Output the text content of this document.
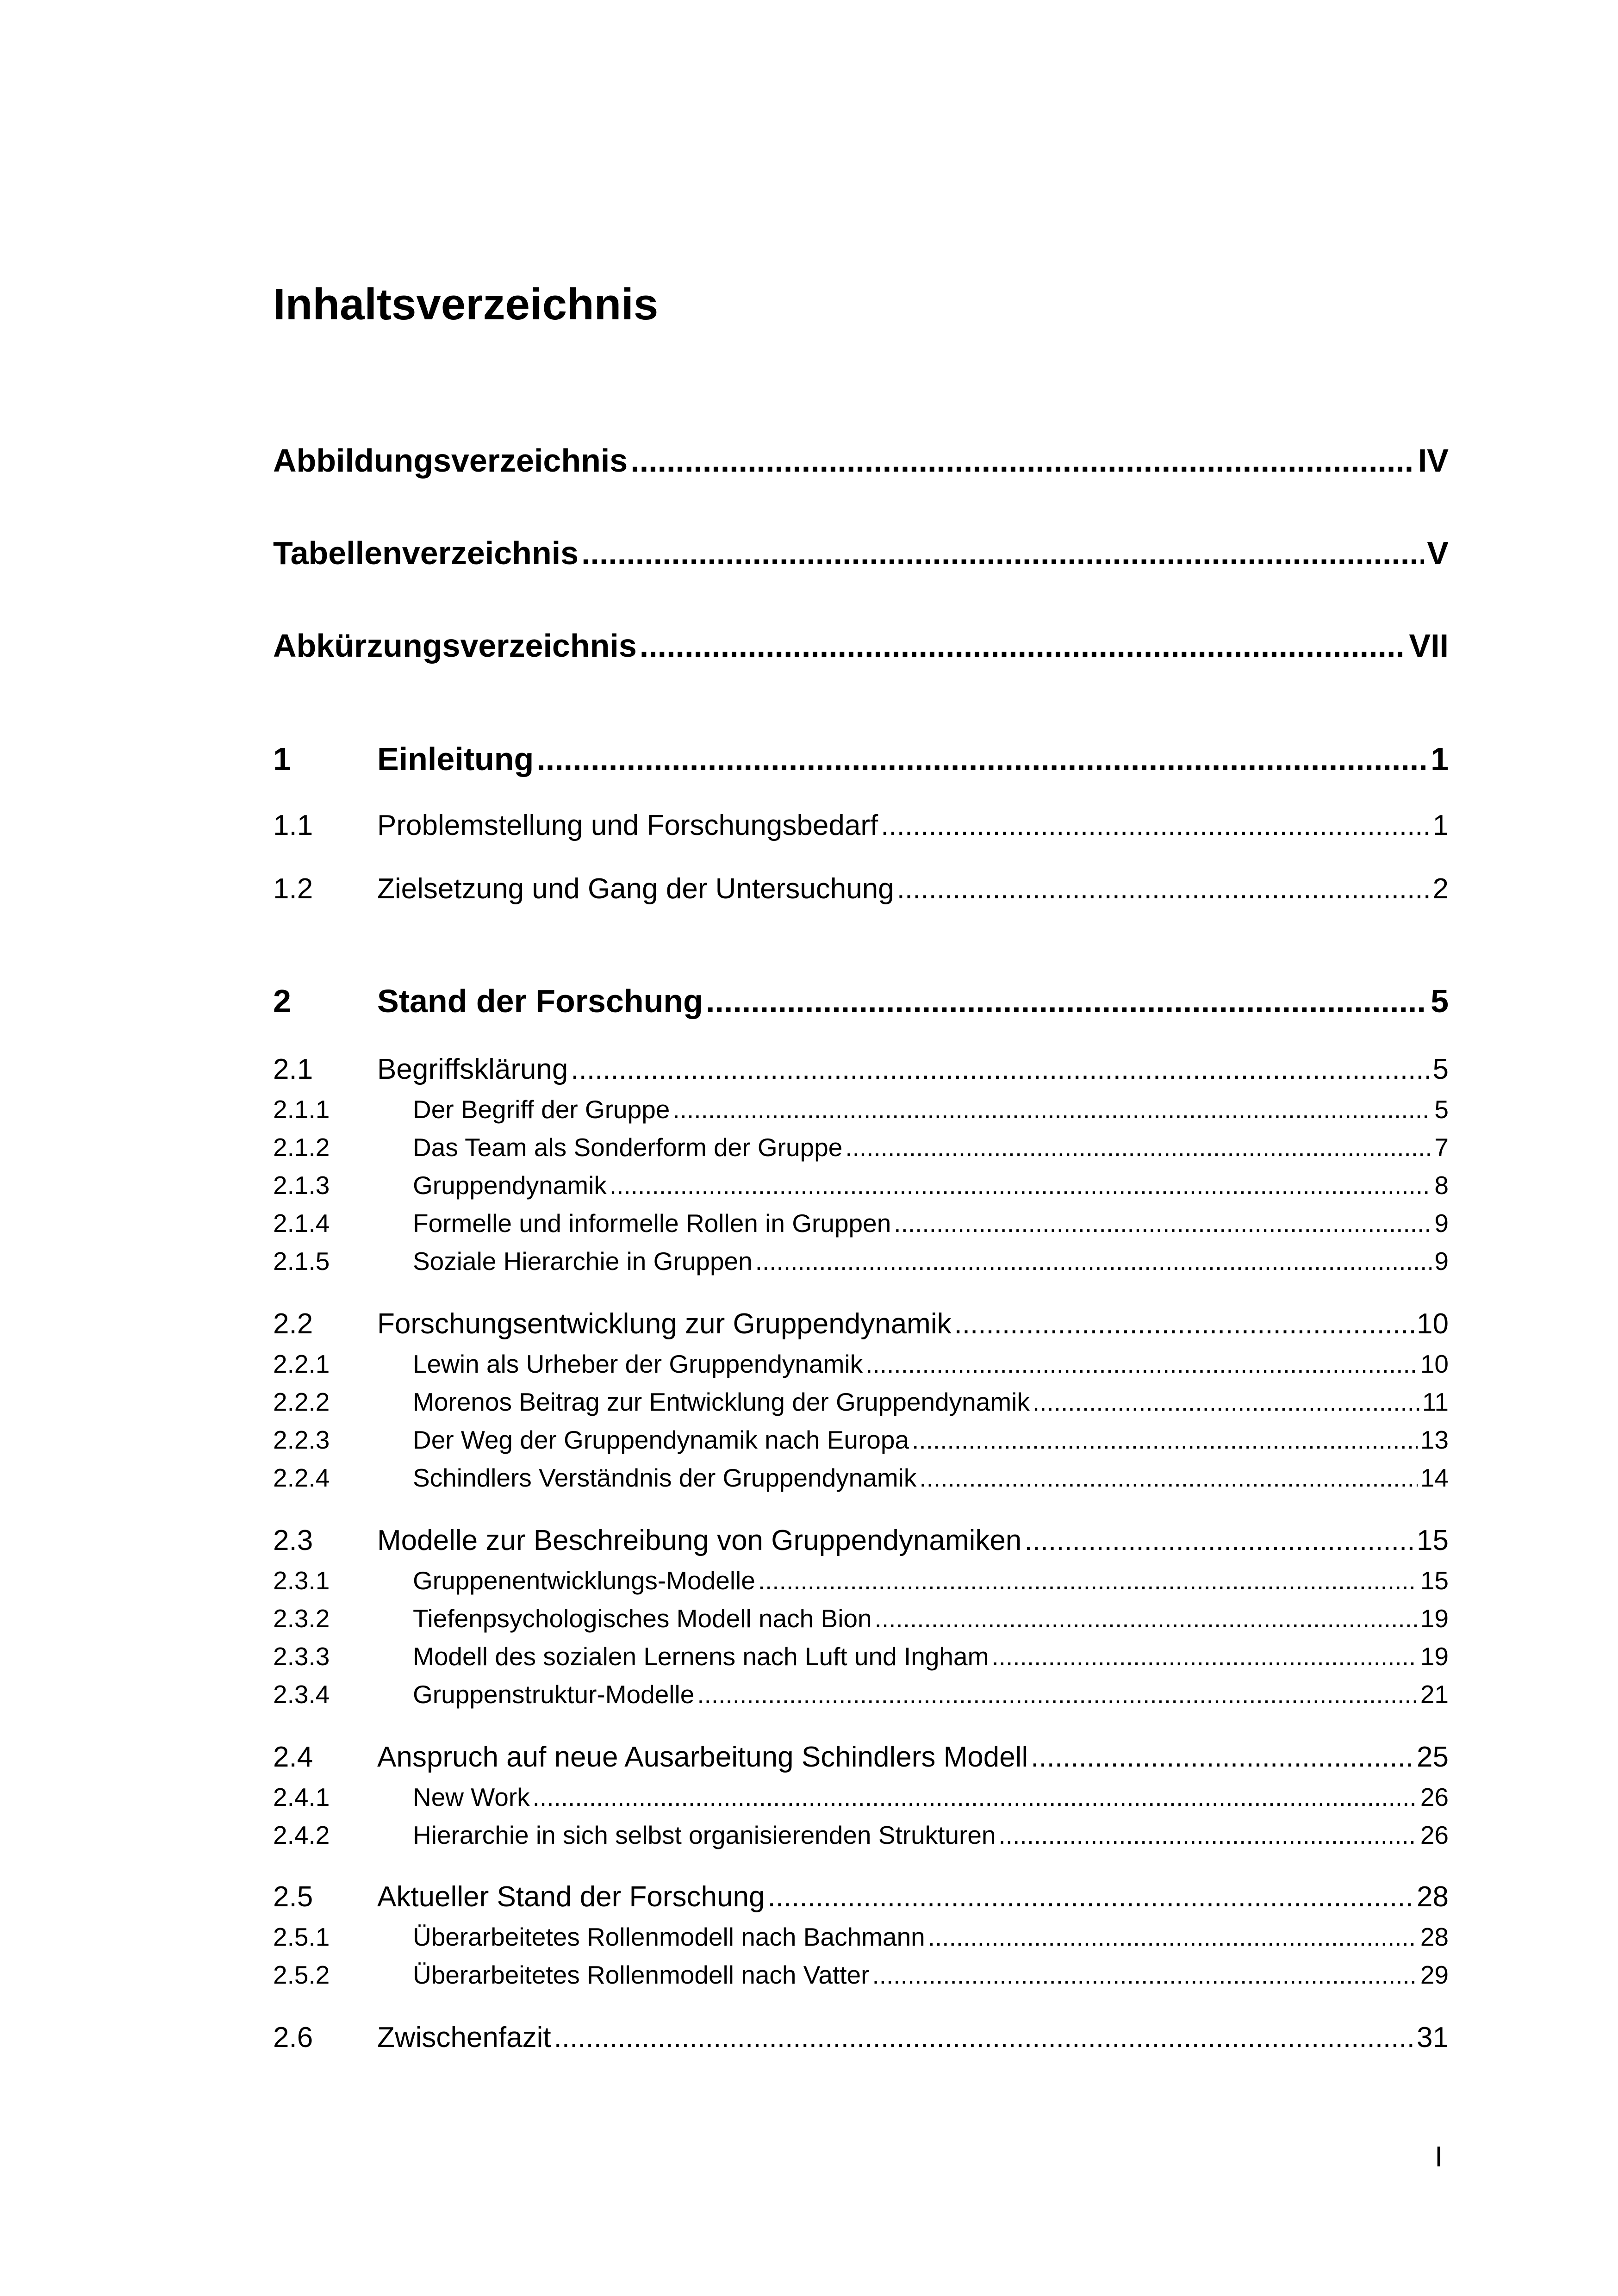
Inhaltsverzeichnis
Abbildungsverzeichnis .....	IV
Tabellenverzeichnis .....	V
Abkürzungsverzeichnis .....	VII
1	Einleitung .....	1
1.1	Problemstellung und Forschungsbedarf .....	1
1.2	Zielsetzung und Gang der Untersuchung .....	2
2	Stand der Forschung .....	5
2.1	Begriffsklärung .....	5
2.1.1	Der Begriff der Gruppe .....	5
2.1.2	Das Team als Sonderform der Gruppe .....	7
2.1.3	Gruppendynamik .....	8
2.1.4	Formelle und informelle Rollen in Gruppen .....	9
2.1.5	Soziale Hierarchie in Gruppen .....	9
2.2	Forschungsentwicklung zur Gruppendynamik .....	10
2.2.1	Lewin als Urheber der Gruppendynamik .....	10
2.2.2	Morenos Beitrag zur Entwicklung der Gruppendynamik .....	11
2.2.3	Der Weg der Gruppendynamik nach Europa .....	13
2.2.4	Schindlers Verständnis der Gruppendynamik .....	14
2.3	Modelle zur Beschreibung von Gruppendynamiken .....	15
2.3.1	Gruppenentwicklungs-Modelle .....	15
2.3.2	Tiefenpsychologisches Modell nach Bion .....	19
2.3.3	Modell des sozialen Lernens nach Luft und Ingham .....	19
2.3.4	Gruppenstruktur-Modelle .....	21
2.4	Anspruch auf neue Ausarbeitung Schindlers Modell .....	25
2.4.1	New Work .....	26
2.4.2	Hierarchie in sich selbst organisierenden Strukturen .....	26
2.5	Aktueller Stand der Forschung .....	28
2.5.1	Überarbeitetes Rollenmodell nach Bachmann .....	28
2.5.2	Überarbeitetes Rollenmodell nach Vatter .....	29
2.6	Zwischenfazit .....	31
I
